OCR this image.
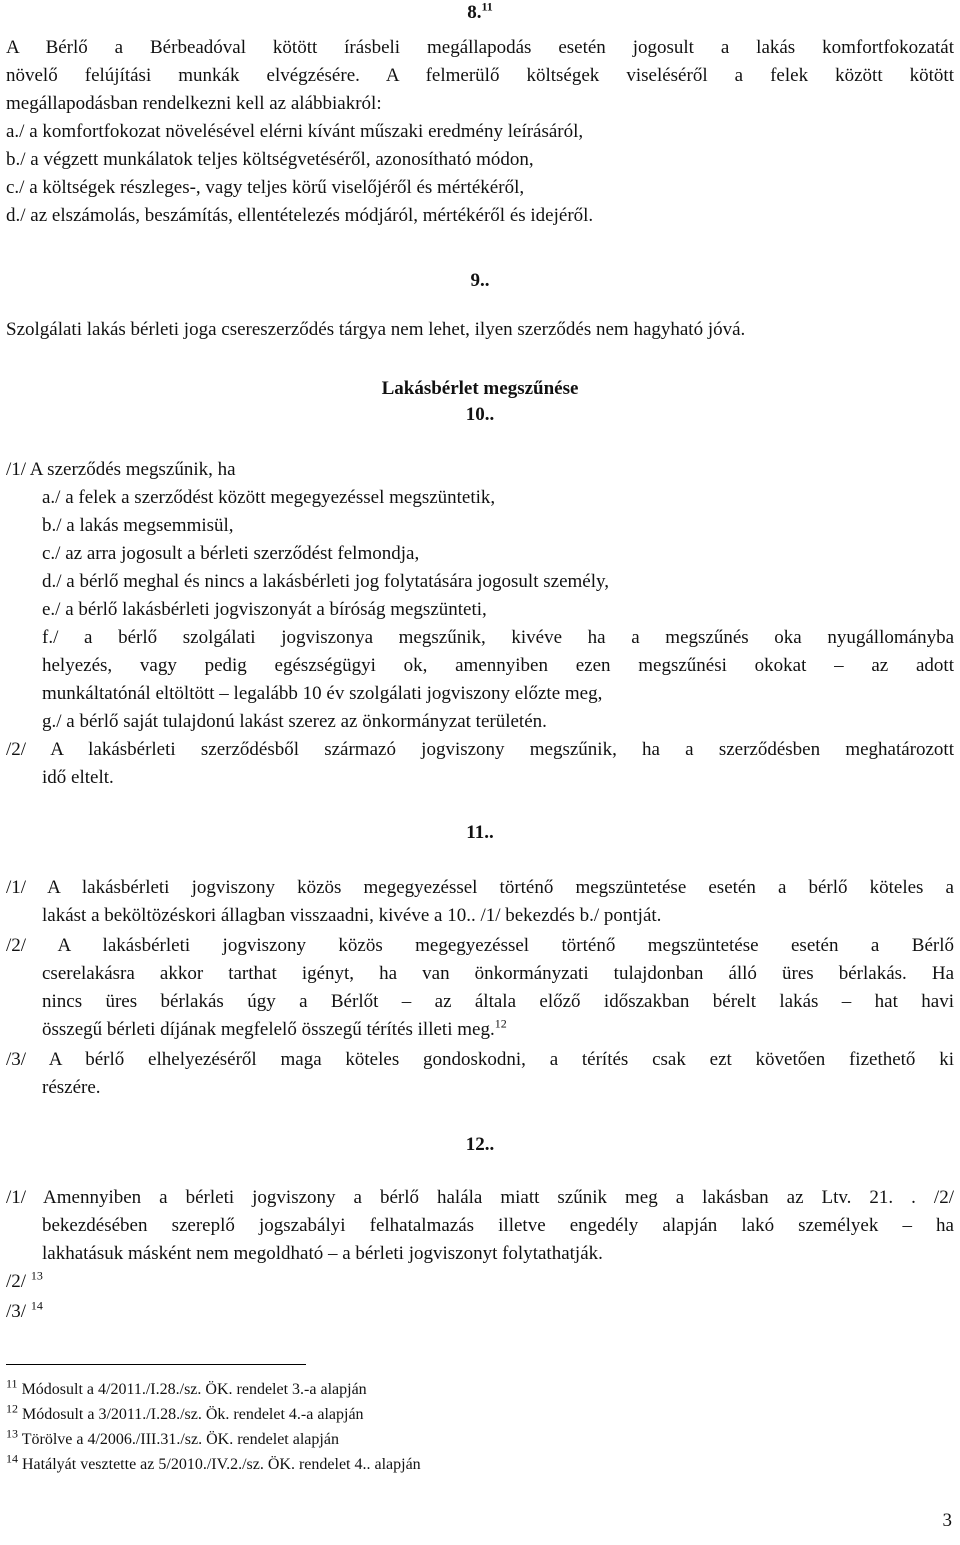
8.11
A Bérlő a Bérbeadóval kötött írásbeli megállapodás esetén jogosult a lakás komfortfokozatát
növelő felújítási munkák elvégzésére. A felmerülő költségek viseléséről a felek között kötött
megállapodásban rendelkezni kell az alábbiakról:
a./ a komfortfokozat növelésével elérni kívánt műszaki eredmény leírásáról,
b./ a végzett munkálatok teljes költségvetéséről, azonosítható módon,
c./ a költségek részleges-, vagy teljes körű viselőjéről és mértékéről,
d./ az elszámolás, beszámítás, ellentételezés módjáról, mértékéről és idejéről.
9..
Szolgálati lakás bérleti joga csereszerződés tárgya nem lehet, ilyen szerződés nem hagyható jóvá.
Lakásbérlet megszűnése
10..
/1/ A szerződés megszűnik, ha
a./ a felek a szerződést között megegyezéssel megszüntetik,
b./ a lakás megsemmisül,
c./ az arra jogosult a bérleti szerződést felmondja,
d./ a bérlő meghal és nincs a lakásbérleti jog folytatására jogosult személy,
e./ a bérlő lakásbérleti jogviszonyát a bíróság megszünteti,
f./ a bérlő szolgálati jogviszonya megszűnik, kivéve ha a megszűnés oka nyugállományba
helyezés, vagy pedig egészségügyi ok, amennyiben ezen megszűnési okokat – az adott
munkáltatónál eltöltött – legalább 10 év szolgálati jogviszony előzte meg,
g./ a bérlő saját tulajdonú lakást szerez az önkormányzat területén.
/2/ A lakásbérleti szerződésből származó jogviszony megszűnik, ha a szerződésben meghatározott
idő eltelt.
11..
/1/ A lakásbérleti jogviszony közös megegyezéssel történő megszüntetése esetén a bérlő köteles a
lakást a beköltözéskori állagban visszaadni, kivéve a 10.. /1/ bekezdés b./ pontját.
/2/ A lakásbérleti jogviszony közös megegyezéssel történő megszüntetése esetén a Bérlő
cserelakásra akkor tarthat igényt, ha van önkormányzati tulajdonban álló üres bérlakás. Ha
nincs üres bérlakás úgy a Bérlőt – az általa előző időszakban bérelt lakás – hat havi
összegű bérleti díjának megfelelő összegű térítés illeti meg.$^{12}$
/3/ A bérlő elhelyezéséről maga köteles gondoskodni, a térítés csak ezt követően fizethető ki
részére.
12..
/1/ Amennyiben a bérleti jogviszony a bérlő halála miatt szűnik meg a lakásban az Ltv. 21. . /2/
bekezdésében szereplő jogszabályi felhatalmazás illetve engedély alapján lakó személyek – ha
lakhatásuk másként nem megoldható – a bérleti jogviszonyt folytathatják.
/2/ $^{13}$
/3/ $^{14}$
$^{11}$ Módosult a 4/2011./I.28./sz. ÖK. rendelet 3.-a alapján
$^{12}$ Módosult a 3/2011./I.28./sz. Ök. rendelet 4.-a alapján
$^{13}$ Törölve a 4/2006./III.31./sz. ÖK. rendelet alapján
$^{14}$ Hatályát vesztette az 5/2010./IV.2./sz. ÖK. rendelet 4.. alapján
3
